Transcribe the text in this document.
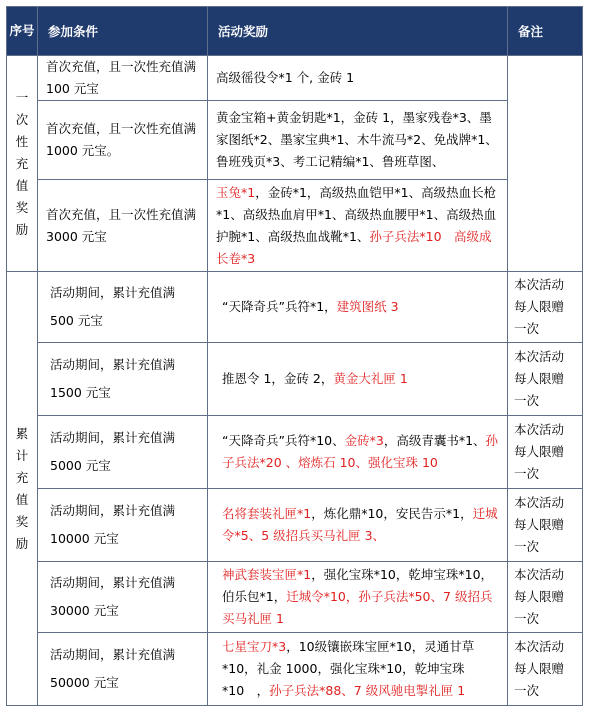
序号	参加条件	活动奖励	备注
一次性充值奖励	首次充值，且一次性充值满 100 元宝	高级徭役令*1 个, 金砖 1	
	首次充值，且一次性充值满 1000 元宝。	黄金宝箱+黄金钥匙*1，金砖 1，墨家残卷*3、墨家图纸*2、墨家宝典*1、木牛流马*2、免战牌*1、鲁班残页*3、考工记精编*1、鲁班草图、	
	首次充值，且一次性充值满 3000 元宝	玉兔*1，金砖*1，高级热血铠甲*1、高级热血长枪*1、高级热血肩甲*1、高级热血腰甲*1、高级热血护腕*1、高级热血战靴*1、孙子兵法*10　高级成长卷*3	
累计充值奖励	活动期间，累计充值满 500 元宝	“天降奇兵”兵符*1，建筑图纸 3	本次活动每人限赠一次
	活动期间，累计充值满 1500 元宝	推恩令 1，金砖 2，黄金大礼匣 1	本次活动每人限赠一次
	活动期间，累计充值满 5000 元宝	“天降奇兵”兵符*10、金砖*3，高级青囊书*1、孙子兵法*20 、熔炼石 10、强化宝珠 10	本次活动每人限赠一次
	活动期间，累计充值满 10000 元宝	名将套装礼匣*1，炼化鼎*10，安民告示*1，迁城令*5、5 级招兵买马礼匣 3、	本次活动每人限赠一次
	活动期间，累计充值满 30000 元宝	神武套装宝匣*1，强化宝珠*10，乾坤宝珠*10，伯乐包*1，迁城令*10，孙子兵法*50、7 级招兵买马礼匣 1	本次活动每人限赠一次
	活动期间，累计充值满 50000 元宝	七星宝刀*3，10级镶嵌珠宝匣*10，灵通甘草*10，礼金 1000，强化宝珠*10，乾坤宝珠*10　，孙子兵法*88、7 级风驰电掣礼匣 1	本次活动每人限赠一次
